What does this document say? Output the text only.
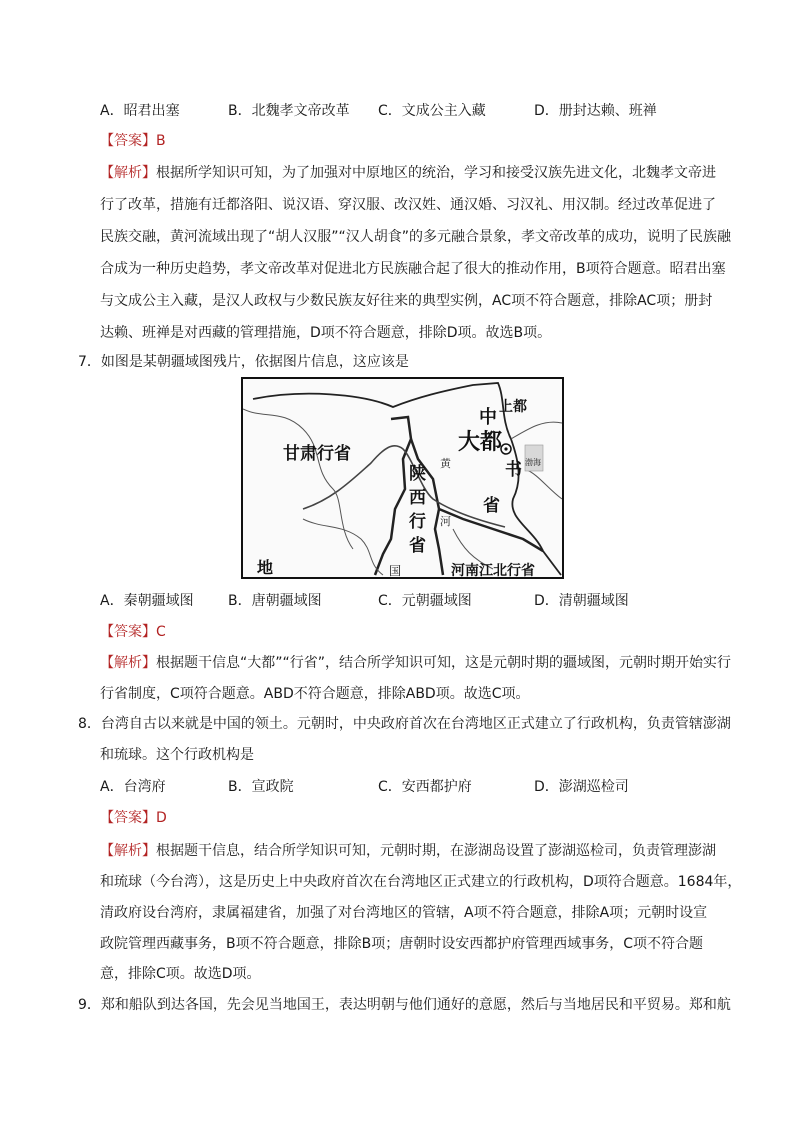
A．昭君出塞	B．北魏孝文帝改革 C．文成公主入藏	D．册封达赖、班禅
【答案】B
【解析】根据所学知识可知，为了加强对中原地区的统治，学习和接受汉族先进文化，北魏孝文帝进
行了改革，措施有迁都洛阳、说汉语、穿汉服、改汉姓、通汉婚、习汉礼、用汉制。经过改革促进了
民族交融，黄河流域出现了“胡人汉服”“汉人胡食”的多元融合景象，孝文帝改革的成功，说明了民族融
合成为一种历史趋势，孝文帝改革对促进北方民族融合起了很大的推动作用，B项符合题意。昭君出塞
与文成公主入藏，是汉人政权与少数民族友好往来的典型实例，AC项不符合题意，排除AC项；册封
达赖、班禅是对西藏的管理措施，D项不符合题意，排除D项。故选B项。
7．如图是某朝疆域图残片，依据图片信息，这应该是
甘肃行省	大都
上都
河南江北行省
地	国
黄
河
渤海
中
书
省
陕
西
行
省
A．秦朝疆域图 B．唐朝疆域图	C．元朝疆域图	D．清朝疆域图
【答案】C
【解析】根据题干信息“大都”“行省”，结合所学知识可知，这是元朝时期的疆域图，元朝时期开始实行
行省制度，C项符合题意。ABD不符合题意，排除ABD项。故选C项。
8．台湾自古以来就是中国的领土。元朝时，中央政府首次在台湾地区正式建立了行政机构，负责管辖澎湖
和琉球。这个行政机构是
A．台湾府	B．宣政院	C．安西都护府	D．澎湖巡检司
【答案】D
【解析】根据题干信息，结合所学知识可知，元朝时期，在澎湖岛设置了澎湖巡检司，负责管理澎湖
和琉球（今台湾），这是历史上中央政府首次在台湾地区正式建立的行政机构，D项符合题意。1684年，
清政府设台湾府，隶属福建省，加强了对台湾地区的管辖，A项不符合题意，排除A项；元朝时设宣
政院管理西藏事务，B项不符合题意，排除B项；唐朝时设安西都护府管理西域事务，C项不符合题
意，排除C项。故选D项。
9．郑和船队到达各国，先会见当地国王，表达明朝与他们通好的意愿，然后与当地居民和平贸易。郑和航
